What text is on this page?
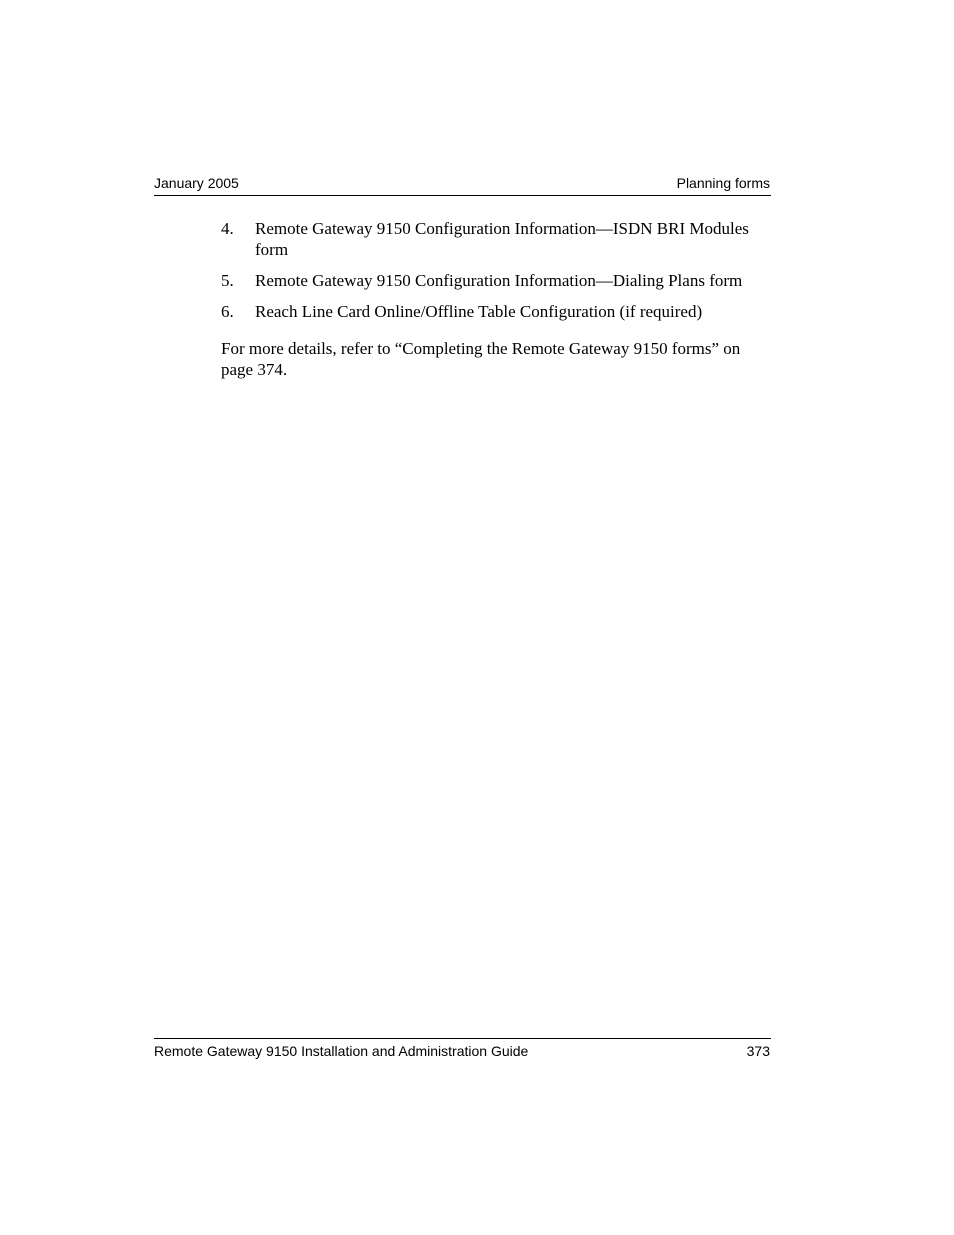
January 2005	Planning forms
4. Remote Gateway 9150 Configuration Information—ISDN BRI Modules form
5. Remote Gateway 9150 Configuration Information—Dialing Plans form
6. Reach Line Card Online/Offline Table Configuration (if required)
For more details, refer to “Completing the Remote Gateway 9150 forms” on page 374.
Remote Gateway 9150 Installation and Administration Guide	373
